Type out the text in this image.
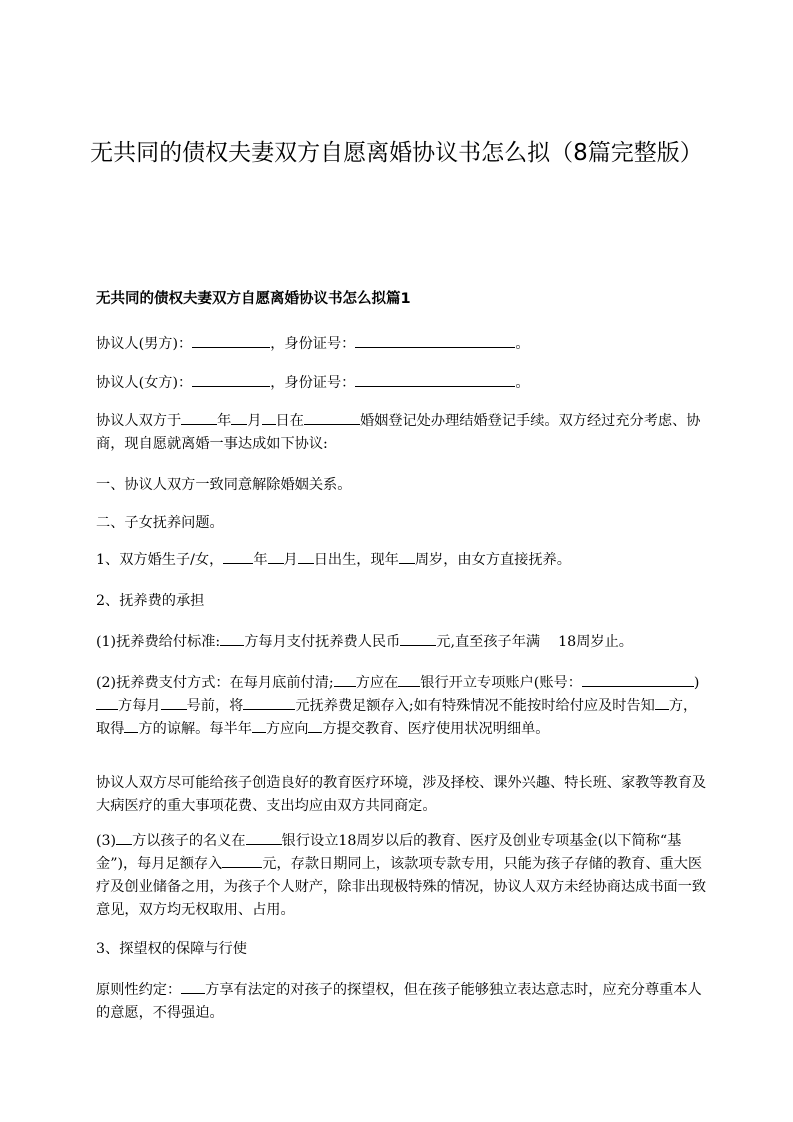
无共同的债权夫妻双方自愿离婚协议书怎么拟（8篇完整版）
无共同的债权夫妻双方自愿离婚协议书怎么拟篇1

协议人(男方)：	，身份证号：	。

协议人(女方)：	，身份证号：	。

协议人双方于	年 月 日在	婚姻登记处办理结婚登记手续。双方经过充分考虑、协商，现自愿就离婚一事达成如下协议:

一、协议人双方一致同意解除婚姻关系。

二、子女抚养问题。

1、双方婚生子/女， 年 月 日出生，现年 周岁，由女方直接抚养。

2、抚养费的承担

(1)抚养费给付标准: 方每月支付抚养费人民币	元,直至孩子年满 18周岁止。

(2)抚养费支付方式：在每月底前付清; 方应在 银行开立专项账户(账号：	)方每月 号前，将	元抚养费足额存入;如有特殊情况不能按时给付应及时告知 方，取得 方的谅解。每半年 方应向 方提交教育、医疗使用状况明细单。

协议人双方尽可能给孩子创造良好的教育医疗环境，涉及择校、课外兴趣、特长班、家教等教育及大病医疗的重大事项花费、支出均应由双方共同商定。

(3) 方以孩子的名义在	银行设立18周岁以后的教育、医疗及创业专项基金(以下简称“基金”)，每月足额存入	元，存款日期同上，该款项专款专用，只能为孩子存储的教育、重大医疗及创业储备之用，为孩子个人财产，除非出现极特殊的情况，协议人双方未经协商达成书面一致意见，双方均无权取用、占用。

3、探望权的保障与行使

原则性约定： 方享有法定的对孩子的探望权，但在孩子能够独立表达意志时，应充分尊重本人的意愿，不得强迫。
